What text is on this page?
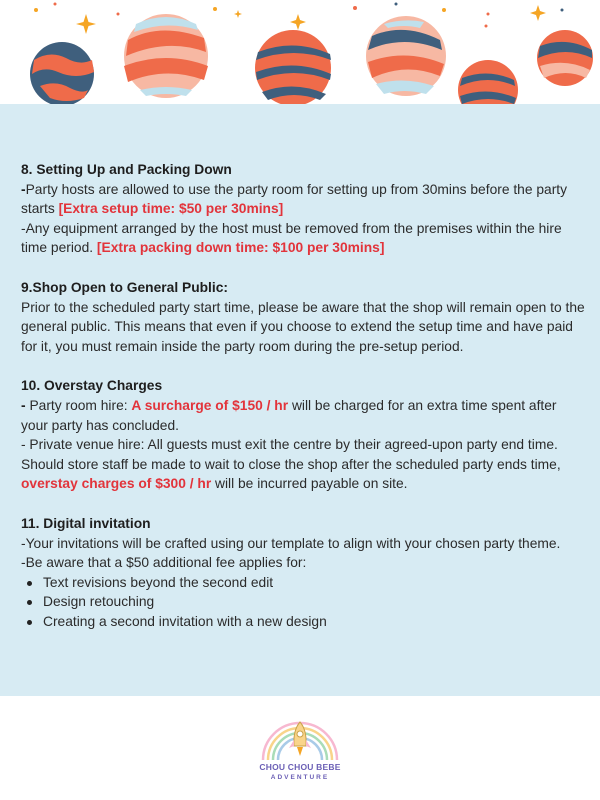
8. Setting Up and Packing Down
-Party hosts are allowed to use the party room for setting up from 30mins before the party starts [Extra setup time: $50 per 30mins]
-Any equipment arranged by the host must be removed from the premises within the hire time period. [Extra packing down time: $100 per 30mins]
9.Shop Open to General Public:
Prior to the scheduled party start time, please be aware that the shop will remain open to the general public. This means that even if you choose to extend the setup time and have paid for it, you must remain inside the party room during the pre-setup period.
10. Overstay Charges
- Party room hire: A surcharge of $150 / hr will be charged for an extra time spent after your party has concluded.
- Private venue hire: All guests must exit the centre by their agreed-upon party end time. Should store staff be made to wait to close the shop after the scheduled party ends time, overstay charges of $300 / hr will be incurred payable on site.
11. Digital invitation
-Your invitations will be crafted using our template to align with your chosen party theme.
-Be aware that a $50 additional fee applies for:
Text revisions beyond the second edit
Design retouching
Creating a second invitation with a new design
CHOU CHOU BEBE
ADVENTURE
